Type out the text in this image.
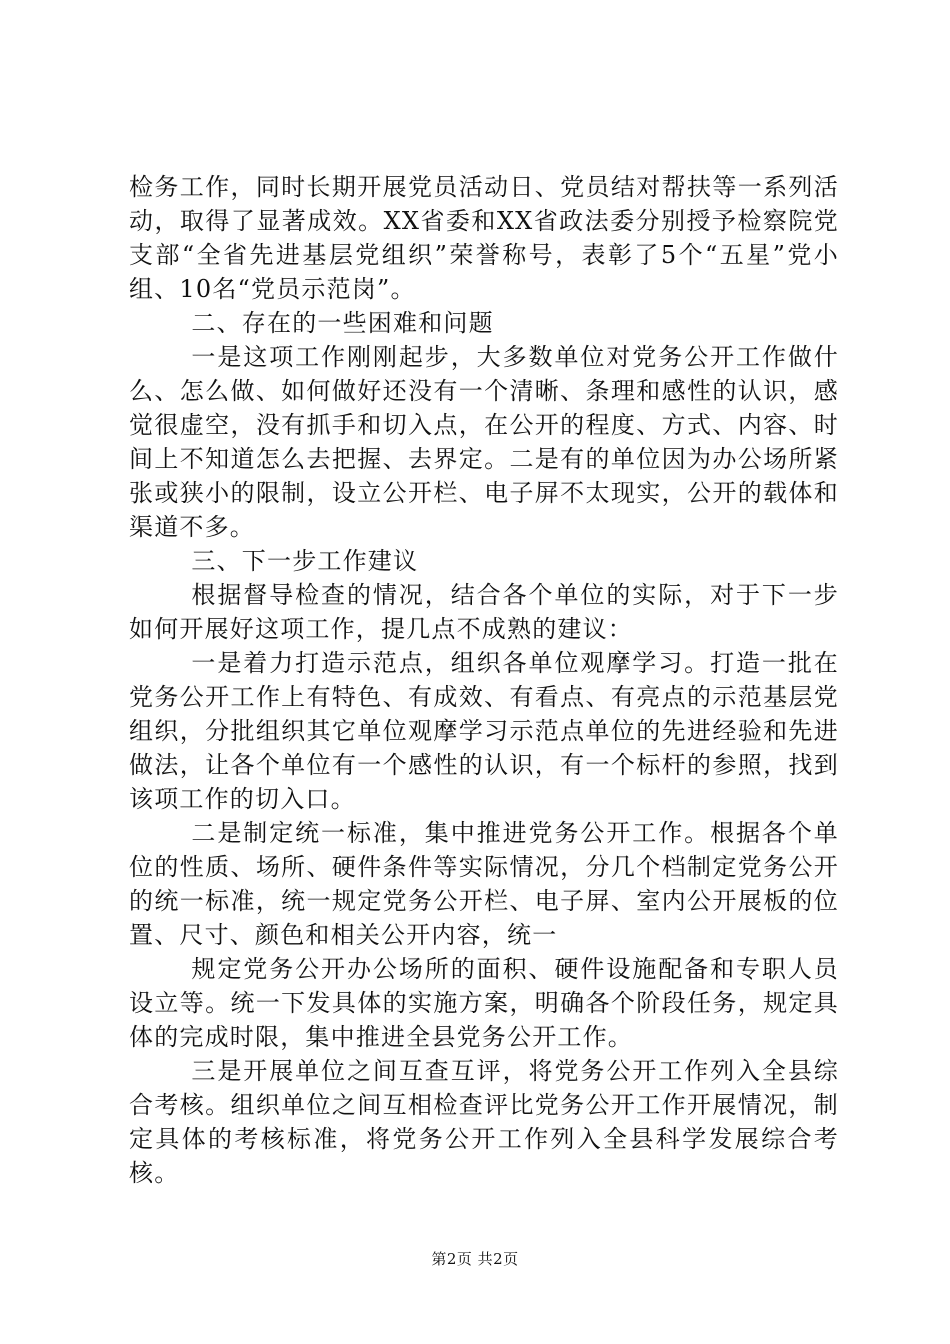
检务工作，同时长期开展党员活动日、党员结对帮扶等一系列活动，取得了显著成效。XX省委和XX省政法委分别授予检察院党支部“全省先进基层党组织”荣誉称号，表彰了5个“五星”党小组、10名“党员示范岗”。

二、存在的一些困难和问题

一是这项工作刚刚起步，大多数单位对党务公开工作做什么、怎么做、如何做好还没有一个清晰、条理和感性的认识，感觉很虚空，没有抓手和切入点，在公开的程度、方式、内容、时间上不知道怎么去把握、去界定。二是有的单位因为办公场所紧张或狭小的限制，设立公开栏、电子屏不太现实，公开的载体和渠道不多。

三、下一步工作建议

根据督导检查的情况，结合各个单位的实际，对于下一步如何开展好这项工作，提几点不成熟的建议：

一是着力打造示范点，组织各单位观摩学习。打造一批在党务公开工作上有特色、有成效、有看点、有亮点的示范基层党组织，分批组织其它单位观摩学习示范点单位的先进经验和先进做法，让各个单位有一个感性的认识，有一个标杆的参照，找到该项工作的切入口。

二是制定统一标准，集中推进党务公开工作。根据各个单位的性质、场所、硬件条件等实际情况，分几个档制定党务公开的统一标准，统一规定党务公开栏、电子屏、室内公开展板的位置、尺寸、颜色和相关公开内容，统一

规定党务公开办公场所的面积、硬件设施配备和专职人员设立等。统一下发具体的实施方案，明确各个阶段任务，规定具体的完成时限，集中推进全县党务公开工作。

三是开展单位之间互查互评，将党务公开工作列入全县综合考核。组织单位之间互相检查评比党务公开工作开展情况，制定具体的考核标准，将党务公开工作列入全县科学发展综合考核。

第2页 共2页
